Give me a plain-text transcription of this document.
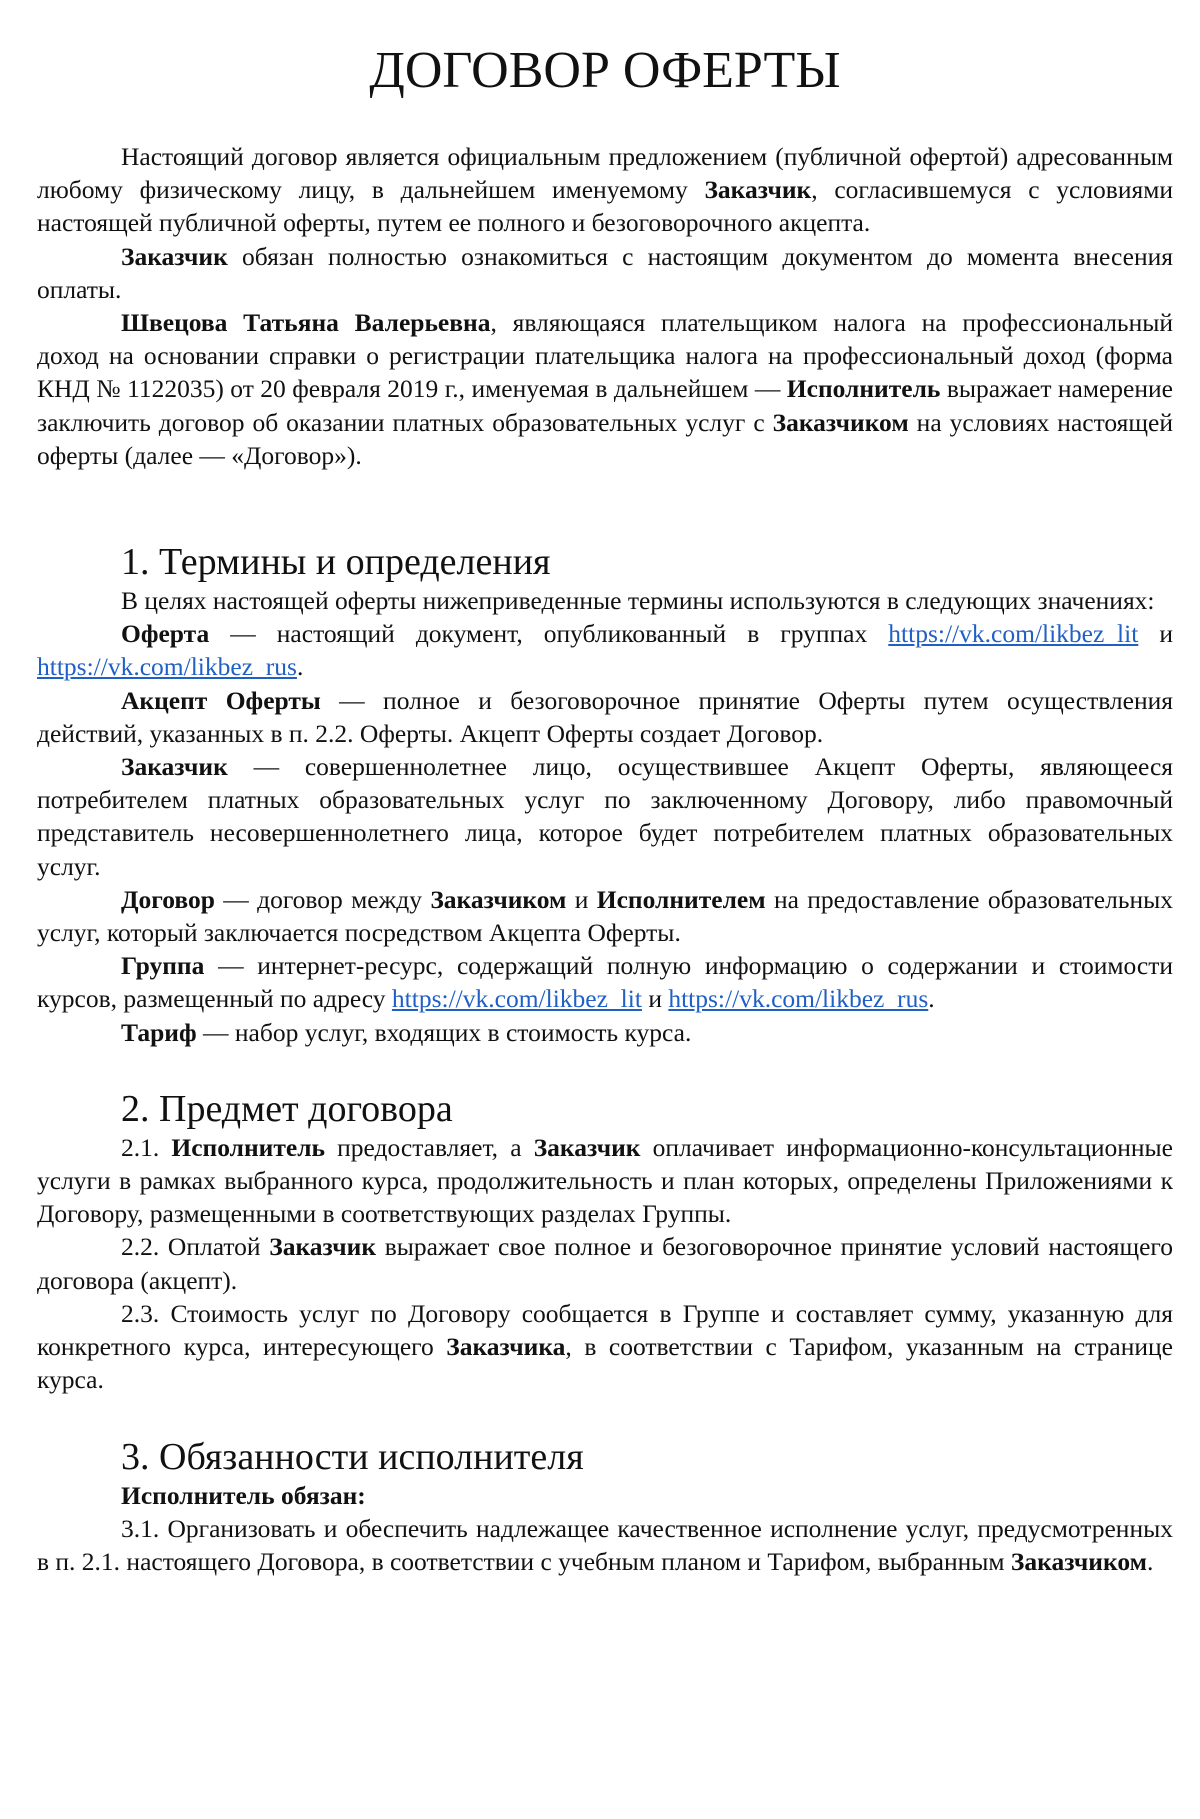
ДОГОВОР ОФЕРТЫ

Настоящий договор является официальным предложением (публичной офертой) адресованным любому физическому лицу, в дальнейшем именуемому Заказчик, согласившемуся с условиями настоящей публичной оферты, путем ее полного и безоговорочного акцепта.

Заказчик обязан полностью ознакомиться с настоящим документом до момента внесения оплаты.

Швецова Татьяна Валерьевна, являющаяся плательщиком налога на профессиональный доход на основании справки о регистрации плательщика налога на профессиональный доход (форма КНД № 1122035) от 20 февраля 2019 г., именуемая в дальнейшем — Исполнитель выражает намерение заключить договор об оказании платных образовательных услуг с Заказчиком на условиях настоящей оферты (далее — «Договор»).

1. Термины и определения

В целях настоящей оферты нижеприведенные термины используются в следующих значениях:

Оферта — настоящий документ, опубликованный в группах https://vk.com/likbez_lit и https://vk.com/likbez_rus.

Акцепт Оферты — полное и безоговорочное принятие Оферты путем осуществления действий, указанных в п. 2.2. Оферты. Акцепт Оферты создает Договор.

Заказчик — совершеннолетнее лицо, осуществившее Акцепт Оферты, являющееся потребителем платных образовательных услуг по заключенному Договору, либо правомочный представитель несовершеннолетнего лица, которое будет потребителем платных образовательных услуг.

Договор — договор между Заказчиком и Исполнителем на предоставление образовательных услуг, который заключается посредством Акцепта Оферты.

Группа — интернет-ресурс, содержащий полную информацию о содержании и стоимости курсов, размещенный по адресу https://vk.com/likbez_lit и https://vk.com/likbez_rus.

Тариф — набор услуг, входящих в стоимость курса.

2. Предмет договора

2.1. Исполнитель предоставляет, а Заказчик оплачивает информационно-консультационные услуги в рамках выбранного курса, продолжительность и план которых, определены Приложениями к Договору, размещенными в соответствующих разделах Группы.

2.2. Оплатой Заказчик выражает свое полное и безоговорочное принятие условий настоящего договора (акцепт).

2.3. Стоимость услуг по Договору сообщается в Группе и составляет сумму, указанную для конкретного курса, интересующего Заказчика, в соответствии с Тарифом, указанным на странице курса.

3. Обязанности исполнителя

Исполнитель обязан:

3.1. Организовать и обеспечить надлежащее качественное исполнение услуг, предусмотренных в п. 2.1. настоящего Договора, в соответствии с учебным планом и Тарифом, выбранным Заказчиком.
